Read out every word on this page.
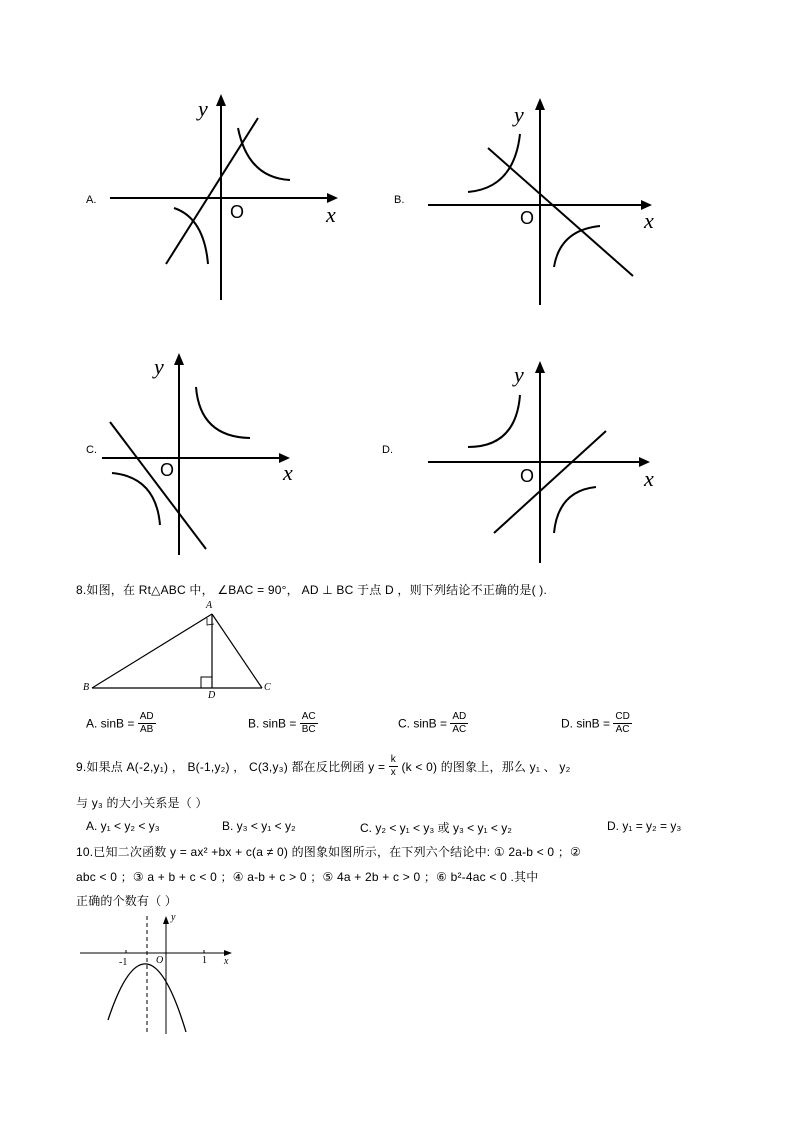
A.
y
x
O
B.
y
x
O
C.
y
x
O
D.
y
x
O
8.如图，在 Rt△ABC 中， ∠BAC = 90°， AD ⊥ BC 于点 D ，则下列结论不正确的是( ).
A
B	C
D
A. $\sin B = \frac{AD}{AB}$	B. $\sin B = \frac{AC}{BC}$	C. $\sin B = \frac{AD}{AC}$	D. $\sin B = \frac{CD}{AC}$
9.如果点 A(-2,y₁) ， B(-1,y₂) ， C(3,y₃) 都在反比例函 $y = \frac{k}{x} (k < 0)$ 的图象上，那么 y₁ 、 y₂
与 y₃ 的大小关系是（ ）
A. y₁ < y₂ < y₃	B. y₃ < y₁ < y₂	C. y₂ < y₁ < y₃ 或 y₃ < y₁ < y₂	D. y₁ = y₂ = y₃
10.已知二次函数 y = ax² +bx + c(a ≠ 0) 的图象如图所示，在下列六个结论中: ① 2a-b < 0 ；②
abc < 0 ；③ a + b + c < 0 ；④ a-b + c > 0 ；⑤ 4a + 2b + c > 0 ；⑥ b²-4ac < 0 .其中
正确的个数有（ ）
y
x
O
-1	1
